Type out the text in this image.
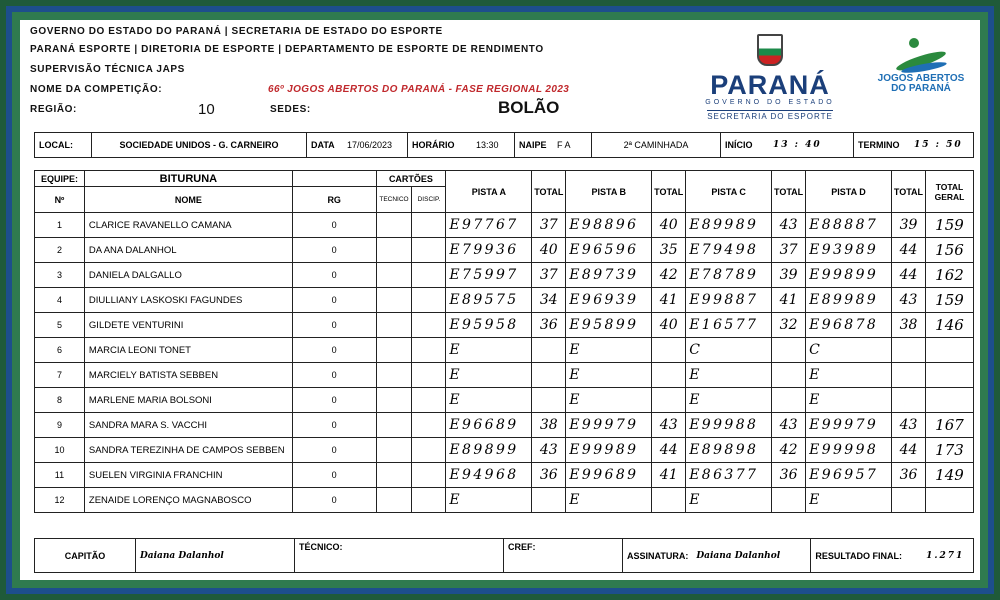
GOVERNO DO ESTADO DO PARANÁ | SECRETARIA DE ESTADO DO ESPORTE
PARANÁ ESPORTE | DIRETORIA DE ESPORTE | DEPARTAMENTO DE ESPORTE DE RENDIMENTO
SUPERVISÃO TÉCNICA JAPS
NOME DA COMPETIÇÃO:	66º JOGOS ABERTOS DO PARANÁ - FASE REGIONAL 2023
REGIÃO:	10	SEDES:	BOLÃO
PARANÁ
GOVERNO DO ESTADO
SECRETARIA DO ESPORTE
JOGOS ABERTOS
DO PARANÁ
LOCAL:	SOCIEDADE UNIDOS - G. CARNEIRO	DATA	17/06/2023	HORÁRIO	13:30	NAIPE	F A	2ª CAMINHADA	INÍCIO	13 : 40	TERMINO	15 : 50
EQUIPE:	BITURUNA		CARTÕES		PISTA A	TOTAL	PISTA B	TOTAL	PISTA C	TOTAL	PISTA D	TOTAL	TOTAL GERAL
Nº	NOME	RG	TECNICO	DISCIP.									
1	CLARICE RAVANELLO CAMANA	0			E97767	37	E98896	40	E89989	43	E88887	39	159
2	DA ANA DALANHOL	0			E79936	40	E96596	35	E79498	37	E93989	44	156
3	DANIELA DALGALLO	0			E75997	37	E89739	42	E78789	39	E99899	44	162
4	DIULLIANY LASKOSKI FAGUNDES	0			E89575	34	E96939	41	E99887	41	E89989	43	159
5	GILDETE VENTURINI	0			E95958	36	E95899	40	E16577	32	E96878	38	146
6	MARCIA LEONI TONET	0			E		E		C		C		
7	MARCIELY BATISTA SEBBEN	0			E		E		E		E		
8	MARLENE MARIA BOLSONI	0			E		E		E		E		
9	SANDRA MARA S. VACCHI	0			E96689	38	E99979	43	E99988	43	E99979	43	167
10	SANDRA TEREZINHA DE CAMPOS SEBBEN	0			E89899	43	E99989	44	E89898	42	E99998	44	173
11	SUELEN VIRGINIA FRANCHIN	0			E94968	36	E99689	41	E86377	36	E96957	36	149
12	ZENAIDE LORENÇO MAGNABOSCO	0			E		E		E		E		
CAPITÃO	Daiana Dalanhol	TÉCNICO:	CREF:	ASSINATURA:	Daiana Dalanhol	RESULTADO FINAL:	1.271
